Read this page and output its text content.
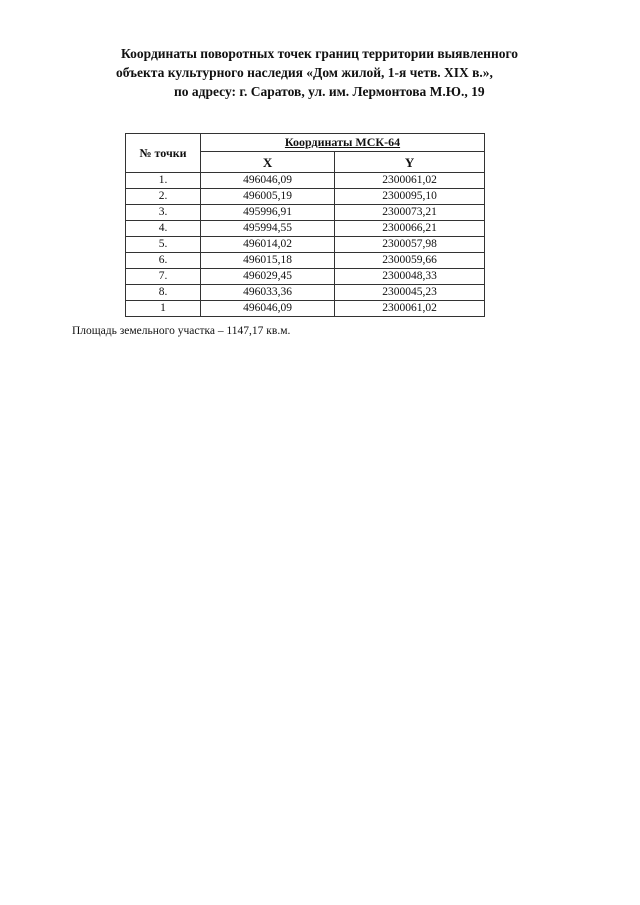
Координаты поворотных точек границ территории выявленного
объекта культурного наследия «Дом жилой, 1-я четв. XIX в.»,
по адресу: г. Саратов, ул. им. Лермонтова М.Ю., 19
№ точки	Координаты МСК-64	
	X	Y
1.	496046,09	2300061,02
2.	496005,19	2300095,10
3.	495996,91	2300073,21
4.	495994,55	2300066,21
5.	496014,02	2300057,98
6.	496015,18	2300059,66
7.	496029,45	2300048,33
8.	496033,36	2300045,23
1	496046,09	2300061,02
Площадь земельного участка – 1147,17 кв.м.
